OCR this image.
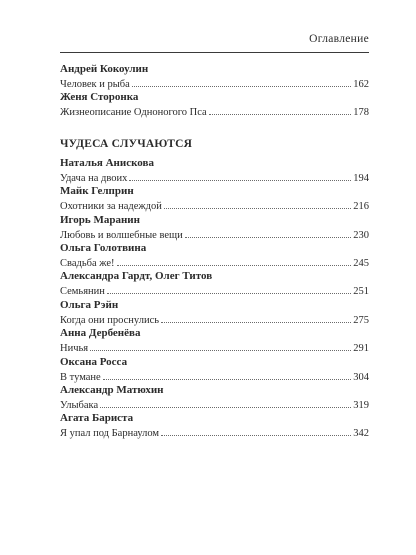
Оглавление
Андрей Кокоулин
Человек и рыба	162
Женя Сторонка
Жизнеописание Одноногого Пса	178
ЧУДЕСА СЛУЧАЮТСЯ
Наталья Анискова
Удача на двоих	194
Майк Гелприн
Охотники за надеждой	216
Игорь Маранин
Любовь и волшебные вещи	230
Ольга Голотвина
Свадьба же!	245
Александра Гардт, Олег Титов
Семьянин	251
Ольга Рэйн
Когда они проснулись	275
Анна Дербенёва
Ничья	291
Оксана Росса
В тумане	304
Александр Матюхин
Улыбака	319
Агата Бариста
Я упал под Барнаулом	342
